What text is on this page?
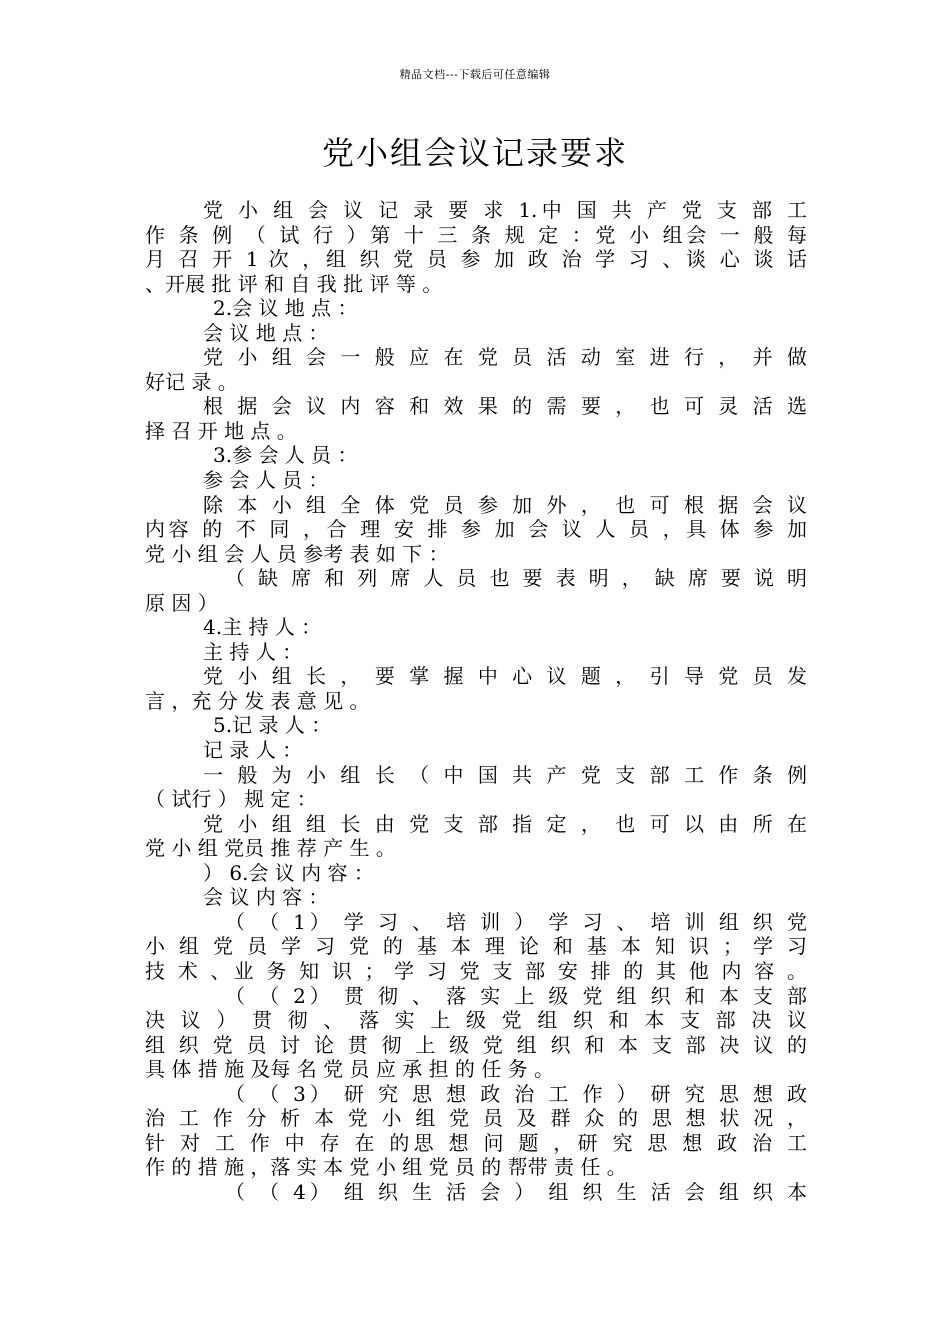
精品文档---下载后可任意编辑
党小组会议记录要求
党 小 组 会 议 记 录 要 求 1.中 国 共 产 党 支 部 工
作 条 例 （ 试 行 ）第 十 三 条 规 定 ：党 小 组会 一 般 每
月 召 开 1 次 ，组 织 党 员 参 加 政 治 学 习 、谈 心 谈 话
、开展 批 评 和 自 我 批 评 等 。
2.会 议 地 点 ：
会 议 地 点 ：
党 小 组 会 一 般 应 在 党 员 活 动 室 进 行 ， 并 做
好记 录 。
根 据 会 议 内 容 和 效 果 的 需 要 ， 也 可 灵 活 选
择 召 开 地 点 。
3.参 会 人 员 ：
参 会 人 员 ：
除 本 小 组 全 体 党 员 参 加 外 ， 也 可 根 据 会 议
内容 的 不 同 ，合 理 安 排 参 加 会 议 人 员 ，具 体 参 加
党 小 组 会 人 员 参考 表 如 下 ：
（ 缺 席 和 列 席 人 员 也 要 表 明 ， 缺 席 要 说 明
原 因 ）
4.主 持 人 ：
主 持 人 ：
党 小 组 长 ， 要 掌 握 中 心 议 题 ， 引 导 党 员 发
言 ，充 分 发 表 意 见 。
5.记 录 人 ：
记 录 人 ：
一 般 为 小 组 长 （ 中 国 共 产 党 支 部 工 作 条 例
（ 试行 ） 规 定 ：
党 小 组 组 长 由 党 支 部 指 定 ， 也 可 以 由 所 在
党 小 组 党员 推 荐 产 生 。
） 6.会 议 内 容 ：
会 议 内 容 ：
（ （ 1） 学 习 、 培 训 ） 学 习 、 培 训 组 织 党
小 组 党 员 学 习 党 的 基 本 理 论 和 基 本 知 识 ； 学 习
技 术 、业 务 知 识 ； 学 习 党 支 部 安 排 的 其 他 内 容 。
（ （ 2） 贯 彻 、 落 实 上 级 党 组 织 和 本 支 部
决 议 ） 贯 彻 、 落 实 上 级 党 组 织 和 本 支 部 决 议
组 织 党 员 讨 论 贯 彻 上 级 党 组 织 和 本 支 部 决 议 的
具 体 措 施 及每 名 党 员 应 承 担 的 任 务 。
（ （ 3） 研 究 思 想 政 治 工 作 ） 研 究 思 想 政
治 工 作 分 析 本 党 小 组 党 员 及 群 众 的 思 想 状 况 ，
针 对 工 作 中 存 在 的思 想 问 题 ，研 究 思 想 政 治 工
作 的 措 施 ，落 实 本 党 小 组 党 员 的 帮带 责 任 。
（ （ 4） 组 织 生 活 会 ） 组 织 生 活 会 组 织 本
